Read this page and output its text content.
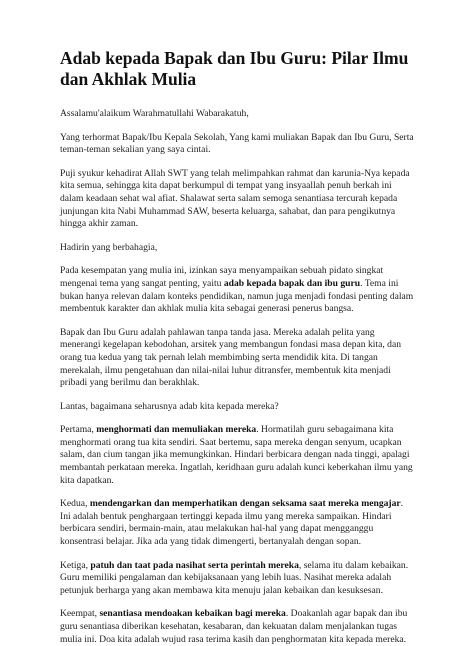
Adab kepada Bapak dan Ibu Guru: Pilar Ilmu dan Akhlak Mulia

Assalamu'alaikum Warahmatullahi Wabarakatuh,

Yang terhormat Bapak/Ibu Kepala Sekolah, Yang kami muliakan Bapak dan Ibu Guru, Serta teman-teman sekalian yang saya cintai.

Puji syukur kehadirat Allah SWT yang telah melimpahkan rahmat dan karunia-Nya kepada kita semua, sehingga kita dapat berkumpul di tempat yang insyaallah penuh berkah ini dalam keadaan sehat wal afiat. Shalawat serta salam semoga senantiasa tercurah kepada junjungan kita Nabi Muhammad SAW, beserta keluarga, sahabat, dan para pengikutnya hingga akhir zaman.

Hadirin yang berbahagia,

Pada kesempatan yang mulia ini, izinkan saya menyampaikan sebuah pidato singkat mengenai tema yang sangat penting, yaitu adab kepada bapak dan ibu guru. Tema ini bukan hanya relevan dalam konteks pendidikan, namun juga menjadi fondasi penting dalam membentuk karakter dan akhlak mulia kita sebagai generasi penerus bangsa.

Bapak dan Ibu Guru adalah pahlawan tanpa tanda jasa. Mereka adalah pelita yang menerangi kegelapan kebodohan, arsitek yang membangun fondasi masa depan kita, dan orang tua kedua yang tak pernah lelah membimbing serta mendidik kita. Di tangan merekalah, ilmu pengetahuan dan nilai-nilai luhur ditransfer, membentuk kita menjadi pribadi yang berilmu dan berakhlak.

Lantas, bagaimana seharusnya adab kita kepada mereka?

Pertama, menghormati dan memuliakan mereka. Hormatilah guru sebagaimana kita menghormati orang tua kita sendiri. Saat bertemu, sapa mereka dengan senyum, ucapkan salam, dan cium tangan jika memungkinkan. Hindari berbicara dengan nada tinggi, apalagi membantah perkataan mereka. Ingatlah, keridhaan guru adalah kunci keberkahan ilmu yang kita dapatkan.

Kedua, mendengarkan dan memperhatikan dengan seksama saat mereka mengajar. Ini adalah bentuk penghargaan tertinggi kepada ilmu yang mereka sampaikan. Hindari berbicara sendiri, bermain-main, atau melakukan hal-hal yang dapat mengganggu konsentrasi belajar. Jika ada yang tidak dimengerti, bertanyalah dengan sopan.

Ketiga, patuh dan taat pada nasihat serta perintah mereka, selama itu dalam kebaikan. Guru memiliki pengalaman dan kebijaksanaan yang lebih luas. Nasihat mereka adalah petunjuk berharga yang akan membawa kita menuju jalan kebaikan dan kesuksesan.

Keempat, senantiasa mendoakan kebaikan bagi mereka. Doakanlah agar bapak dan ibu guru senantiasa diberikan kesehatan, kesabaran, dan kekuatan dalam menjalankan tugas mulia ini. Doa kita adalah wujud rasa terima kasih dan penghormatan kita kepada mereka.
